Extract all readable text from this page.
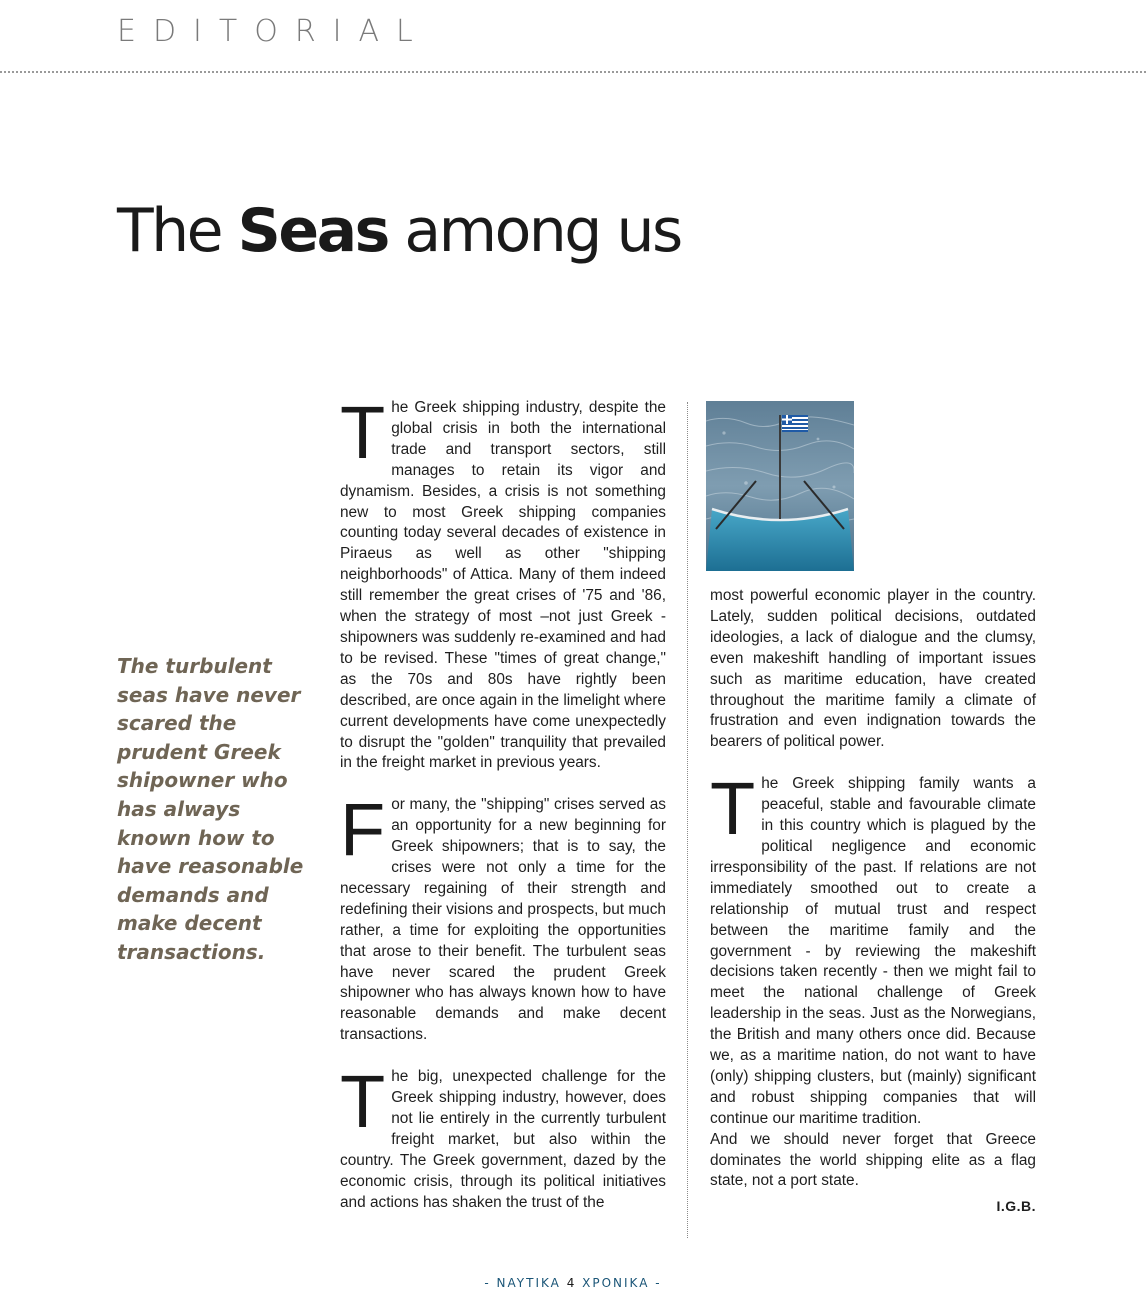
EDITORIAL
The Seas among us

The turbulent seas have never scared the prudent Greek shipowner who has always known how to have reasonable demands and make decent transactions.

The Greek shipping industry, despite the global crisis in both the international trade and transport sectors, still manages to retain its vigor and dynamism. Besides, a crisis is not something new to most Greek shipping companies counting today several decades of existence in Piraeus as well as other "shipping neighborhoods" of Attica. Many of them indeed still remember the great crises of '75 and '86, when the strategy of most –not just Greek - shipowners was suddenly re-examined and had to be revised. These "times of great change," as the 70s and 80s have rightly been described, are once again in the limelight where current developments have come unexpectedly to disrupt the "golden" tranquility that prevailed in the freight market in previous years.

For many, the "shipping" crises served as an opportunity for a new beginning for Greek shipowners; that is to say, the crises were not only a time for the necessary regaining of their strength and redefining their visions and prospects, but much rather, a time for exploiting the opportunities that arose to their benefit. The turbulent seas have never scared the prudent Greek shipowner who has always known how to have reasonable demands and make decent transactions.

The big, unexpected challenge for the Greek shipping industry, however, does not lie entirely in the currently turbulent freight market, but also within the country. The Greek government, dazed by the economic crisis, through its political initiatives and actions has shaken the trust of the

most powerful economic player in the country. Lately, sudden political decisions, outdated ideologies, a lack of dialogue and the clumsy, even makeshift handling of important issues such as maritime education, have created throughout the maritime family a climate of frustration and even indignation towards the bearers of political power.

The Greek shipping family wants a peaceful, stable and favourable climate in this country which is plagued by the political negligence and economic irresponsibility of the past. If relations are not immediately smoothed out to create a relationship of mutual trust and respect between the maritime family and the government - by reviewing the makeshift decisions taken recently - then we might fail to meet the national challenge of Greek leadership in the seas. Just as the Norwegians, the British and many others once did. Because we, as a maritime nation, do not want to have (only) shipping clusters, but (mainly) significant and robust shipping companies that will continue our maritime tradition.

And we should never forget that Greece dominates the world shipping elite as a flag state, not a port state.

I.G.B.
- NAYTIKA 4 XPONIKA -
